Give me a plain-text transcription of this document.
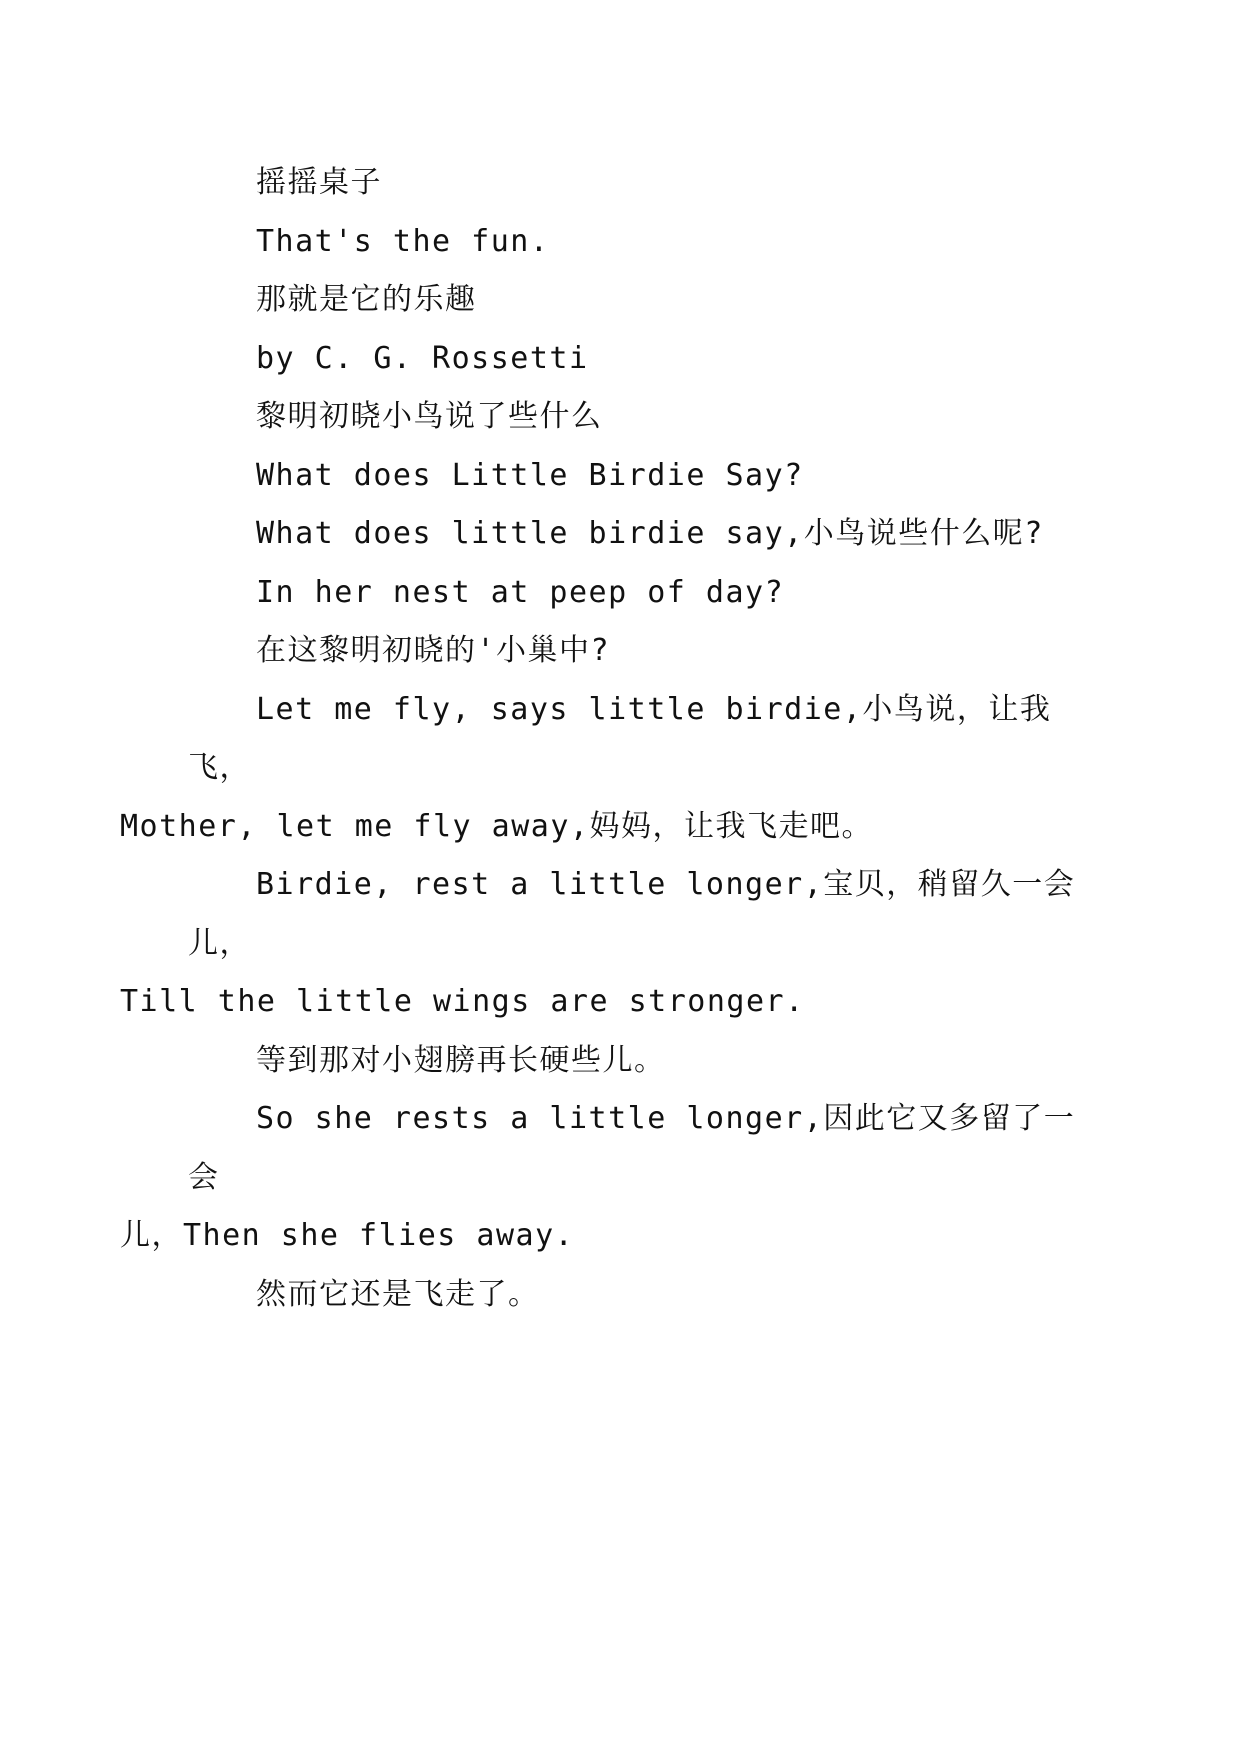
摇摇桌子

That's the fun.

那就是它的乐趣

by C. G. Rossetti

黎明初晓小鸟说了些什么

What does Little Birdie Say?

What does little birdie say,小鸟说些什么呢?

In her nest at peep of day?

在这黎明初晓的'小巢中?

Let me fly, says little birdie,小鸟说，让我飞，
Mother, let me fly away,妈妈，让我飞走吧。

Birdie, rest a little longer,宝贝，稍留久一会儿，
Till the little wings are stronger.

等到那对小翅膀再长硬些儿。

So she rests a little longer,因此它又多留了一会
儿，Then she flies away.

然而它还是飞走了。
